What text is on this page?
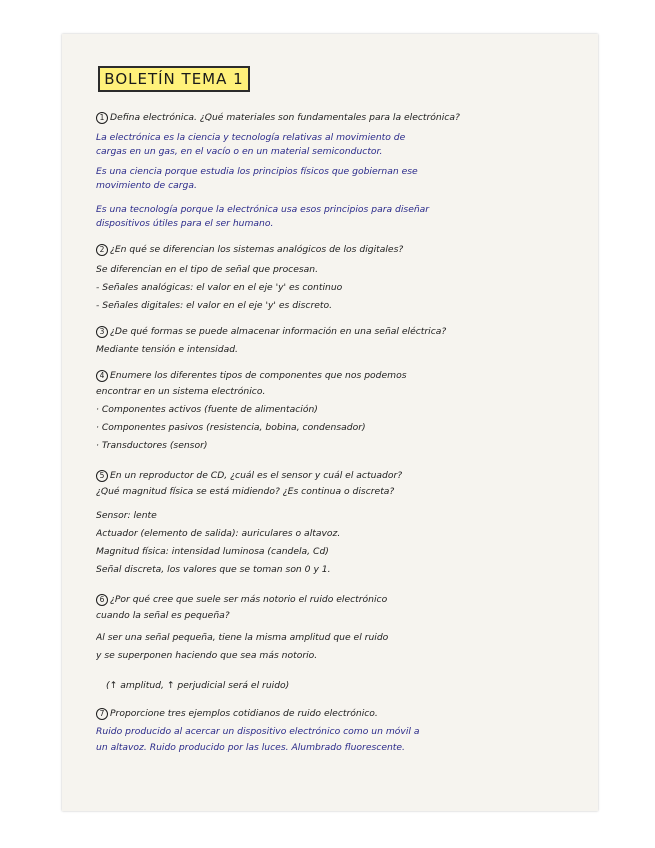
BOLETÍN TEMA 1
1 Defina electrónica. ¿Qué materiales son fundamentales para la electrónica?
La electrónica es la ciencia y tecnología relativas al movimiento de
cargas en un gas, en el vacío o en un material semiconductor.
Es una ciencia porque estudia los principios físicos que gobiernan ese
movimiento de carga.
Es una tecnología porque la electrónica usa esos principios para diseñar
dispositivos útiles para el ser humano.
2 ¿En qué se diferencian los sistemas analógicos de los digitales?
Se diferencian en el tipo de señal que procesan.
- Señales analógicas: el valor en el eje 'y' es continuo
- Señales digitales: el valor en el eje 'y' es discreto.
3 ¿De qué formas se puede almacenar información en una señal eléctrica?
Mediante tensión e intensidad.
4 Enumere los diferentes tipos de componentes que nos podemos
encontrar en un sistema electrónico.
· Componentes activos (fuente de alimentación)
· Componentes pasivos (resistencia, bobina, condensador)
· Transductores (sensor)
5 En un reproductor de CD, ¿cuál es el sensor y cuál el actuador?
¿Qué magnitud física se está midiendo? ¿Es continua o discreta?
Sensor: lente
Actuador (elemento de salida): auriculares o altavoz.
Magnitud física: intensidad luminosa (candela, Cd)
Señal discreta, los valores que se toman son 0 y 1.
6 ¿Por qué cree que suele ser más notorio el ruido electrónico
cuando la señal es pequeña?
Al ser una señal pequeña, tiene la misma amplitud que el ruido
y se superponen haciendo que sea más notorio.
(↑ amplitud, ↑ perjudicial será el ruido)
7 Proporcione tres ejemplos cotidianos de ruido electrónico.
Ruido producido al acercar un dispositivo electrónico como un móvil a
un altavoz. Ruido producido por las luces. Alumbrado fluorescente.
